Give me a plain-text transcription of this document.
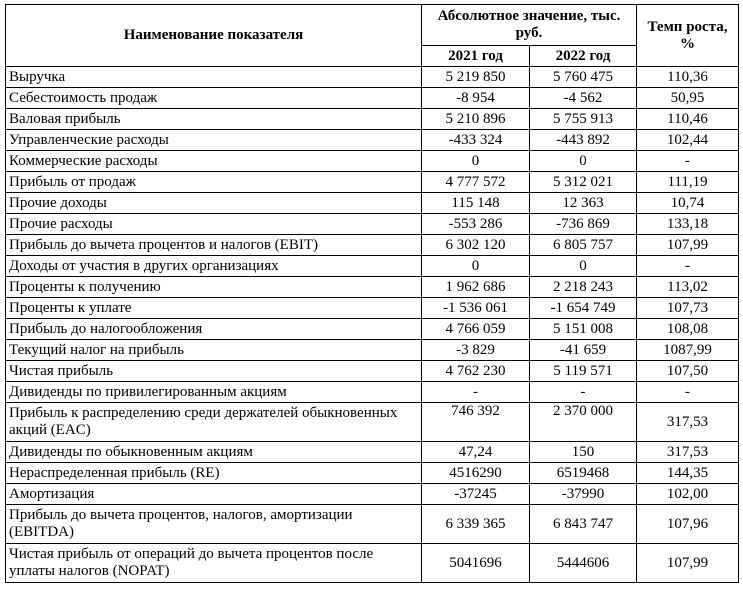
Наименование показателя	Абсолютное значение, тыс. руб.		Темп роста, %
	2021 год	2022 год	
Выручка	5 219 850	5 760 475	110,36
Себестоимость продаж	-8 954	-4 562	50,95
Валовая прибыль	5 210 896	5 755 913	110,46
Управленческие расходы	-433 324	-443 892	102,44
Коммерческие расходы	0	0	-
Прибыль от продаж	4 777 572	5 312 021	111,19
Прочие доходы	115 148	12 363	10,74
Прочие расходы	-553 286	-736 869	133,18
Прибыль до вычета процентов и налогов (EBIT)	6 302 120	6 805 757	107,99
Доходы от участия в других организациях	0	0	-
Проценты к получению	1 962 686	2 218 243	113,02
Проценты к уплате	-1 536 061	-1 654 749	107,73
Прибыль до налогообложения	4 766 059	5 151 008	108,08
Текущий налог на прибыль	-3 829	-41 659	1087,99
Чистая прибыль	4 762 230	5 119 571	107,50
Дивиденды по привилегированным акциям	-	-	-
Прибыль к распределению среди держателей обыкновенных акций (EAC)	746 392	2 370 000	317,53
Дивиденды по обыкновенным акциям	47,24	150	317,53
Нераспределенная прибыль (RE)	4516290	6519468	144,35
Амортизация	-37245	-37990	102,00
Прибыль до вычета процентов, налогов, амортизации (EBITDA)	6 339 365	6 843 747	107,96
Чистая прибыль от операций до вычета процентов после уплаты налогов (NOPAT)	5041696	5444606	107,99
